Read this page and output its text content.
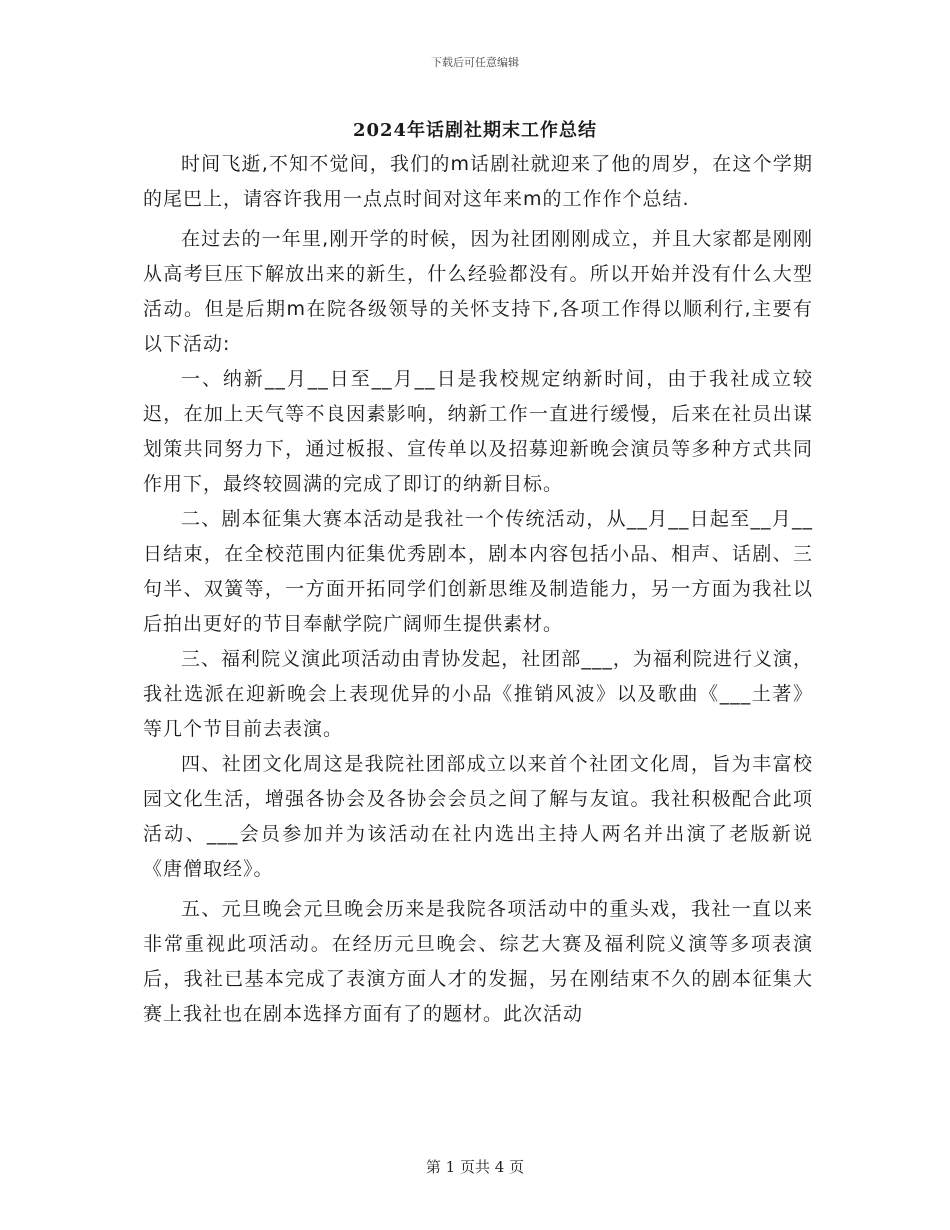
下载后可任意编辑
2024年话剧社期末工作总结

时间飞逝,不知不觉间，我们的m话剧社就迎来了他的周岁，在这个学期的尾巴上，请容许我用一点点时间对这年来m的工作作个总结.

在过去的一年里,刚开学的时候，因为社团刚刚成立，并且大家都是刚刚从高考巨压下解放出来的新生，什么经验都没有。所以开始并没有什么大型活动。但是后期m在院各级领导的关怀支持下,各项工作得以顺利行,主要有以下活动:

一、纳新__月__日至__月__日是我校规定纳新时间，由于我社成立较迟，在加上天气等不良因素影响，纳新工作一直进行缓慢，后来在社员出谋划策共同努力下，通过板报、宣传单以及招募迎新晚会演员等多种方式共同作用下，最终较圆满的完成了即订的纳新目标。

二、剧本征集大赛本活动是我社一个传统活动，从__月__日起至__月__日结束，在全校范围内征集优秀剧本，剧本内容包括小品、相声、话剧、三句半、双簧等，一方面开拓同学们创新思维及制造能力，另一方面为我社以后拍出更好的节目奉献学院广阔师生提供素材。

三、福利院义演此项活动由青协发起，社团部___，为福利院进行义演，我社选派在迎新晚会上表现优异的小品《推销风波》以及歌曲《___土著》等几个节目前去表演。

四、社团文化周这是我院社团部成立以来首个社团文化周，旨为丰富校园文化生活，增强各协会及各协会会员之间了解与友谊。我社积极配合此项活动、___会员参加并为该活动在社内选出主持人两名并出演了老版新说《唐僧取经》。

五、元旦晚会元旦晚会历来是我院各项活动中的重头戏，我社一直以来非常重视此项活动。在经历元旦晚会、综艺大赛及福利院义演等多项表演后，我社已基本完成了表演方面人才的发掘，另在刚结束不久的剧本征集大赛上我社也在剧本选择方面有了的题材。此次活动

第 1 页共 4 页
